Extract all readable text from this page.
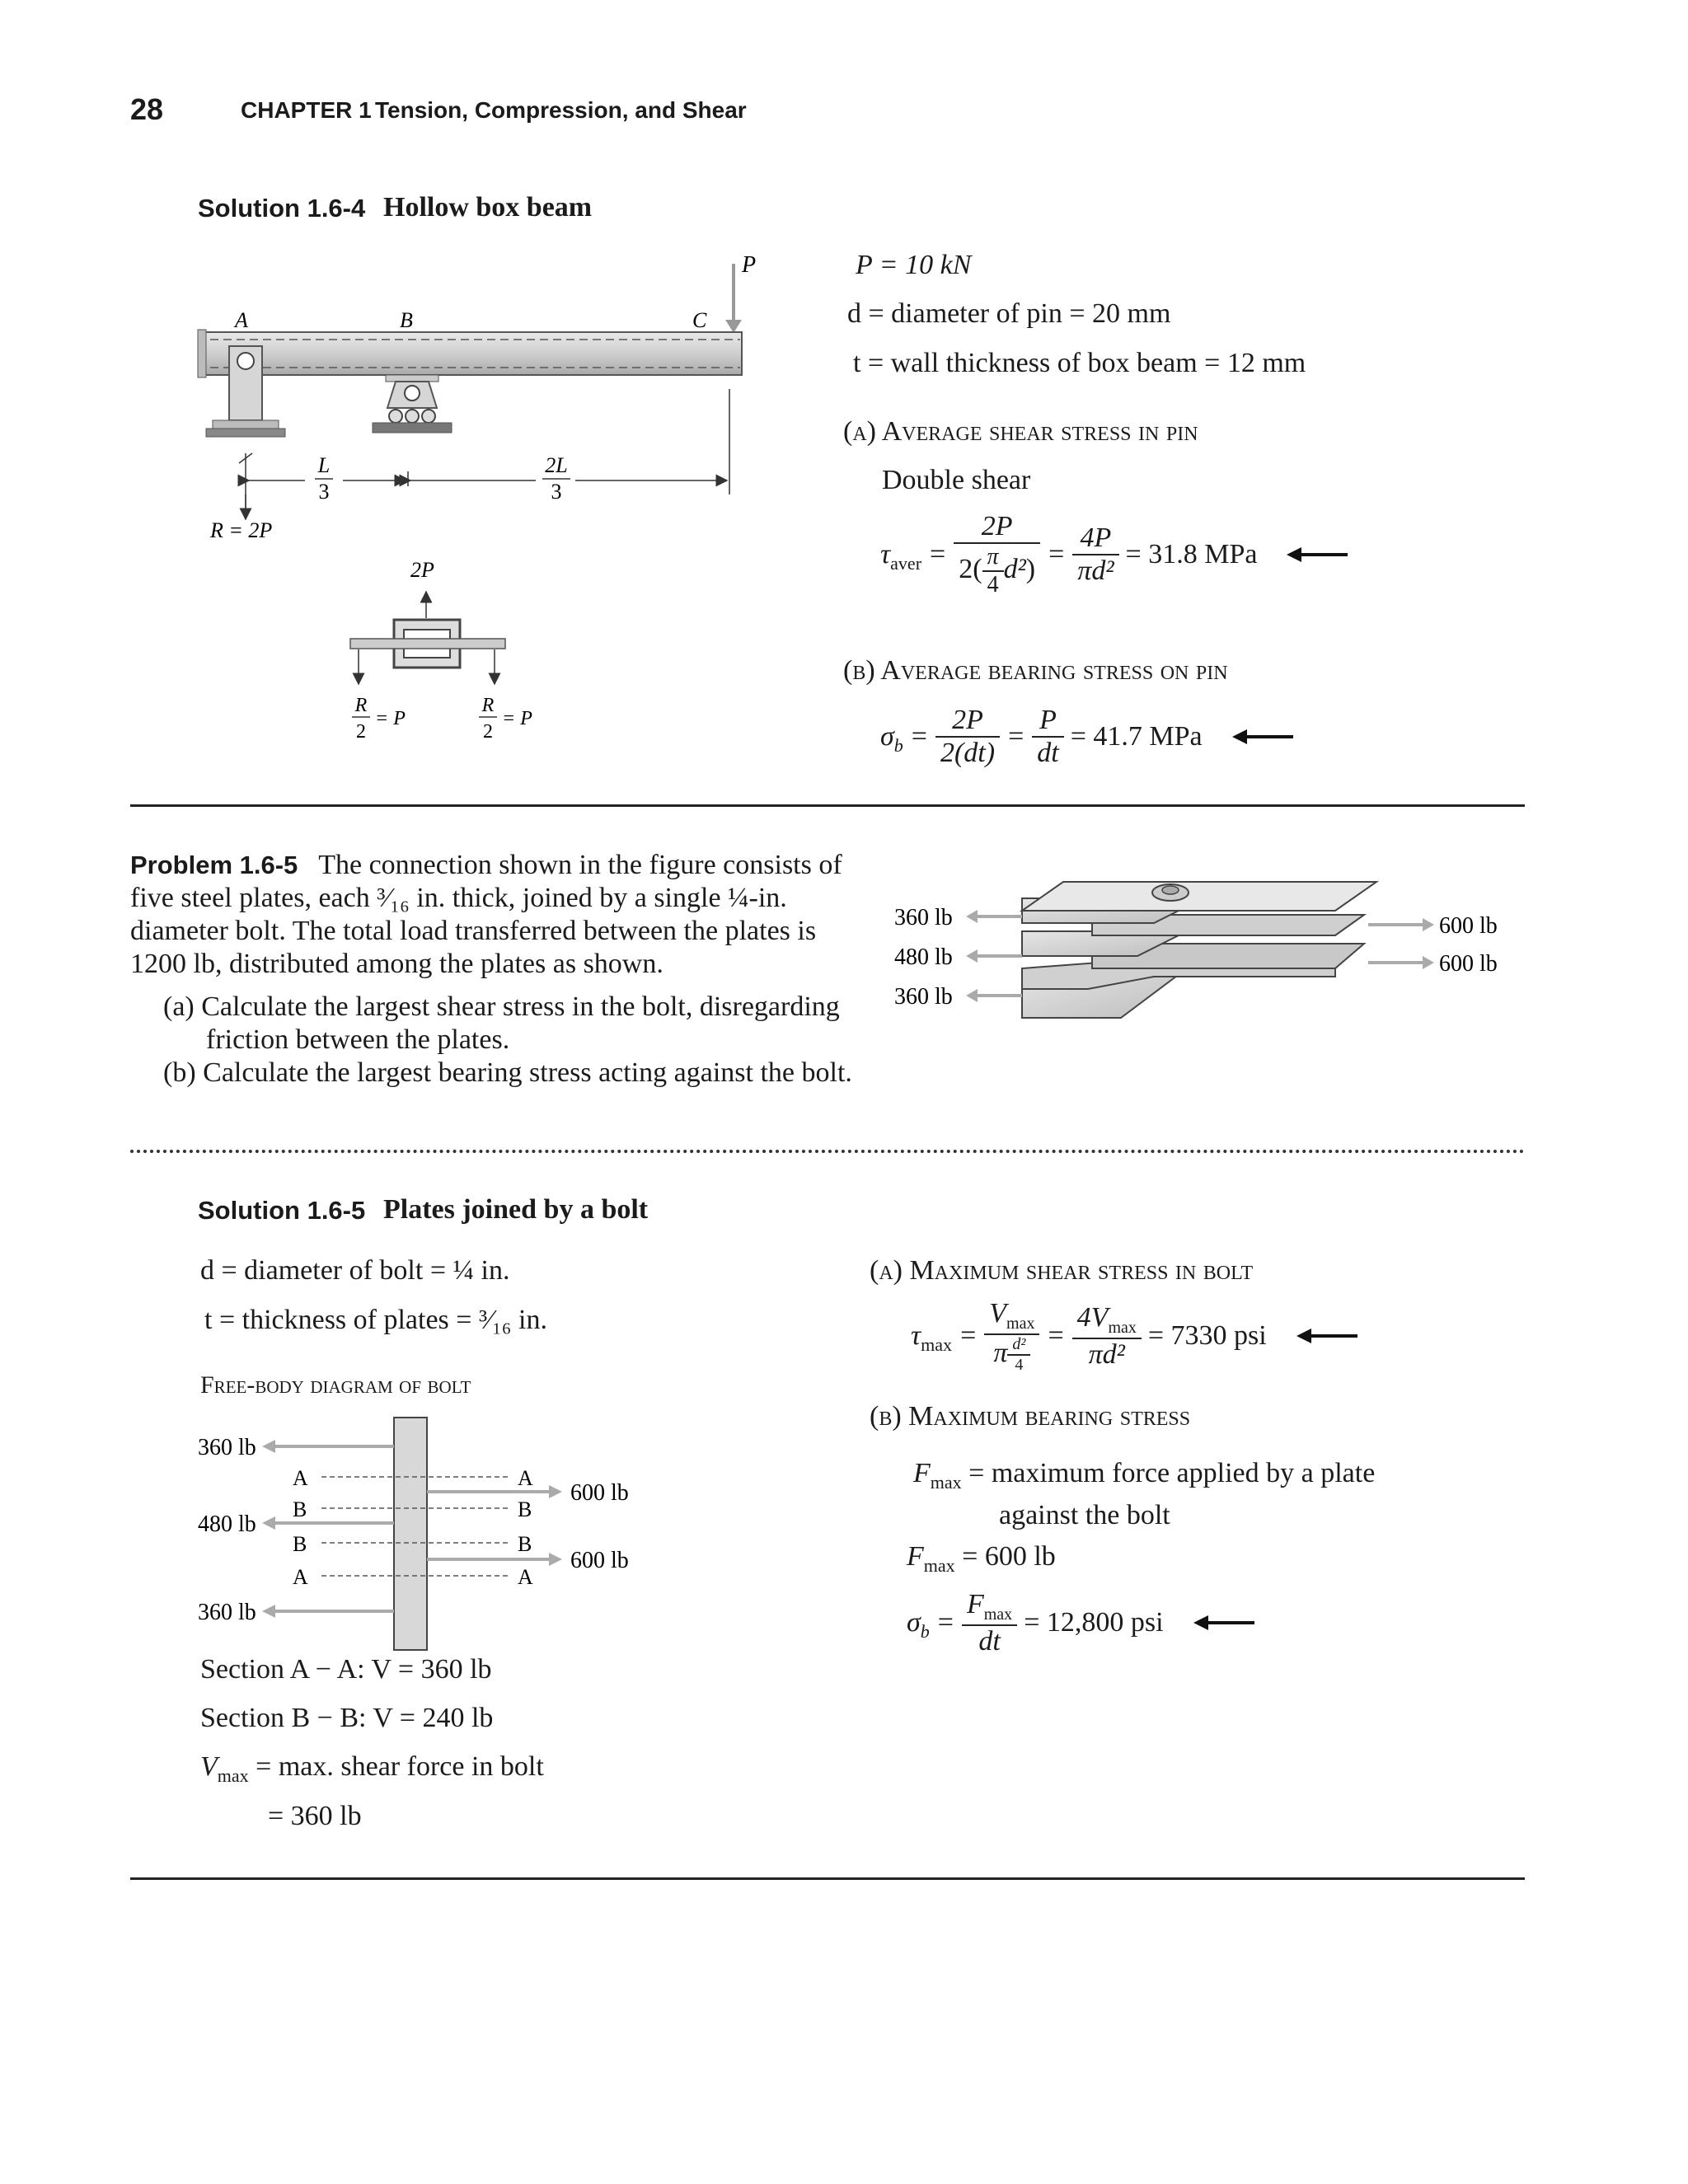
28	CHAPTER 1 Tension, Compression, and Shear
Solution 1.6-4 Hollow box beam
P
A	B	C
L
3
2L
3
R = 2P
2P
R
2
= P
R
2
= P
P = 10 kN
d = diameter of pin = 20 mm
t = wall thickness of box beam = 12 mm
(a) Average shear stress in pin
Double shear
$\tau_{aver} = \frac{2P}{2( \frac{\pi}{4} d^2)} = \frac{4P}{\text{πd²}} = 31.8$ MPa
(b) Average bearing stress on pin
$\sigma_b = \frac{2P}{2(dt)} = \frac{P}{dt} = 41.7$ MPa
Problem 1.6-5 The connection shown in the figure consists of
five steel plates, each ³⁄₁₆ in. thick, joined by a single ¼-in.
diameter bolt. The total load transferred between the plates is
1200 lb, distributed among the plates as shown.
(a) Calculate the largest shear stress in the bolt, disregarding
friction between the plates.
(b) Calculate the largest bearing stress acting against the bolt.
360 lb
480 lb
360 lb
600 lb
600 lb
Solution 1.6-5 Plates joined by a bolt
d = diameter of bolt = ¼ in.
t = thickness of plates = ³⁄₁₆ in.
Free-body diagram of bolt
360 lb
480 lb
360 lb
600 lb
600 lb
A
B
B
A
A
B
B
A
Section A − A: V = 360 lb
Section B − B: V = 240 lb
$V_{max} = \max$. shear force in bolt
= 360 lb
(a) Maximum shear stress in bolt
$\tau_{max} = \frac{V_{max}}{\pi \frac{\text{d²}}{4}} = \frac{4V_{max}}{\text{πd²}} = 7330$ psi
(b) Maximum bearing stress
$F_{max}$ = maximum force applied by a plate
against the bolt
$F_{max} = 600$ lb
$\sigma_b = \frac{F_{max}}{dt} = 12,800$ psi
